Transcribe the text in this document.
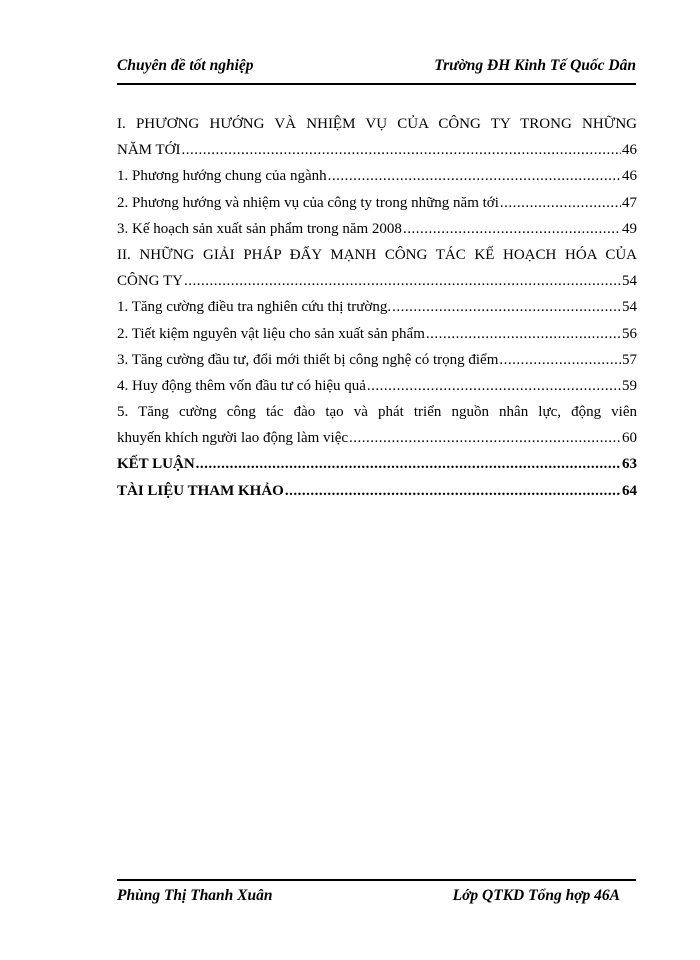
Chuyên đề tốt nghiệp	Trường ĐH Kinh Tế Quốc Dân
I. PHƯƠNG HƯỚNG VÀ NHIỆM VỤ CỦA CÔNG TY TRONG NHỮNG
NĂM TỚI .....	46
1. Phương hướng chung của ngành .....	46
2. Phương hướng và nhiệm vụ của công ty trong những năm tới .....	47
3. Kế hoạch sản xuất sản phẩm trong năm 2008 .....	49
II. NHỮNG GIẢI PHÁP ĐẨY MẠNH CÔNG TÁC KẾ HOẠCH HÓA CỦA
CÔNG TY .....	54
1. Tăng cường điều tra nghiên cứu thị trường. .....	54
2. Tiết kiệm nguyên vật liệu cho sản xuất sản phẩm .....	56
3. Tăng cường đầu tư, đổi mới thiết bị công nghệ có trọng điểm .....	57
4. Huy động thêm vốn đầu tư có hiệu quả .....	59
5. Tăng cường công tác đào tạo và phát triển nguồn nhân lực, động viên
khuyến khích người lao động làm việc .....	60
KẾT LUẬN .....	63
TÀI LIỆU THAM KHẢO .....	64
Phùng Thị Thanh Xuân	Lớp QTKD Tổng hợp 46A
